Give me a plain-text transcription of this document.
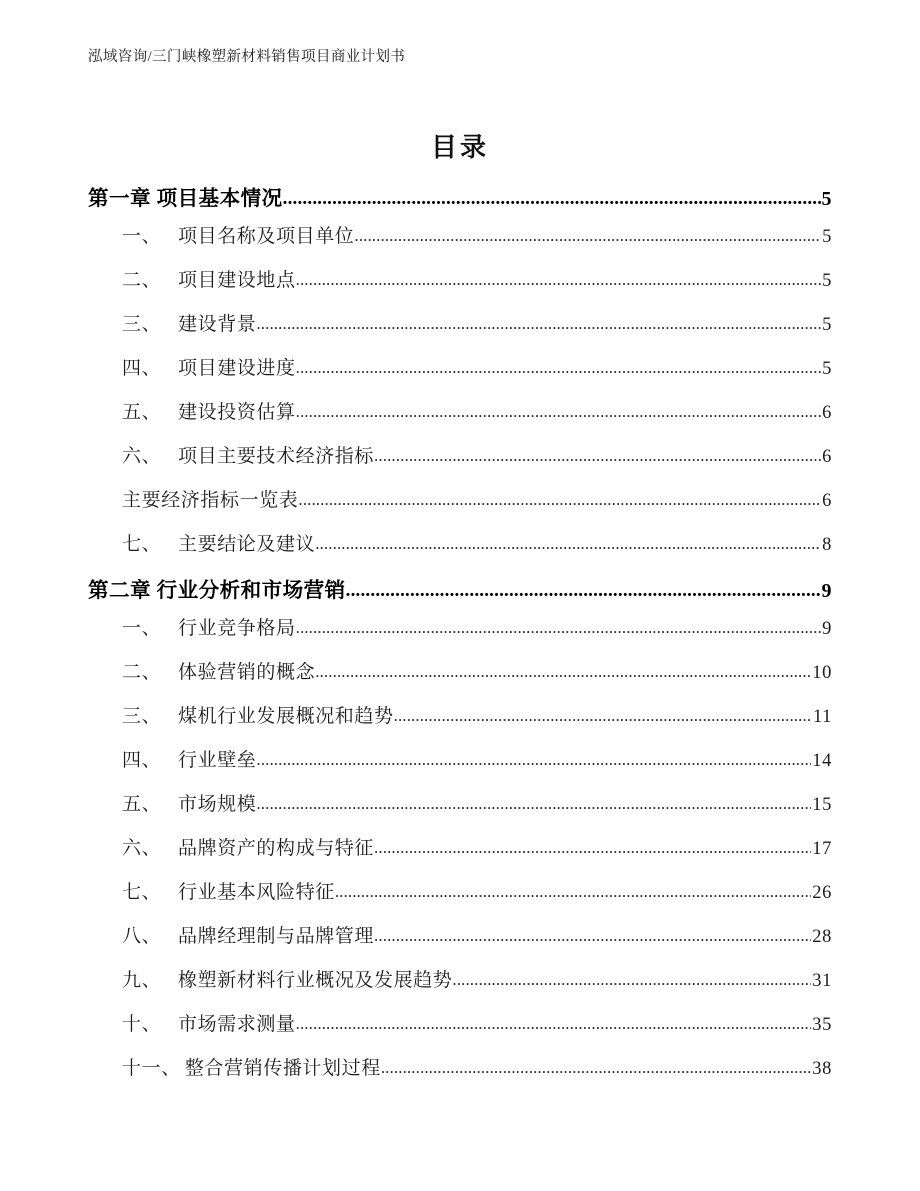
泓域咨询/三门峡橡塑新材料销售项目商业计划书
目录
第一章 项目基本情况 .....	5
一、 项目名称及项目单位 .....	5
二、 项目建设地点 .....	5
三、 建设背景 .....	5
四、 项目建设进度 .....	5
五、 建设投资估算 .....	6
六、 项目主要技术经济指标 .....	6
主要经济指标一览表 .....	6
七、 主要结论及建议 .....	8
第二章 行业分析和市场营销 .....	9
一、 行业竞争格局 .....	9
二、 体验营销的概念 .....	10
三、 煤机行业发展概况和趋势 .....	11
四、 行业壁垒 .....	14
五、 市场规模 .....	15
六、 品牌资产的构成与特征 .....	17
七、 行业基本风险特征 .....	26
八、 品牌经理制与品牌管理 .....	28
九、 橡塑新材料行业概况及发展趋势 .....	31
十、 市场需求测量 .....	35
十一、 整合营销传播计划过程 .....	38
